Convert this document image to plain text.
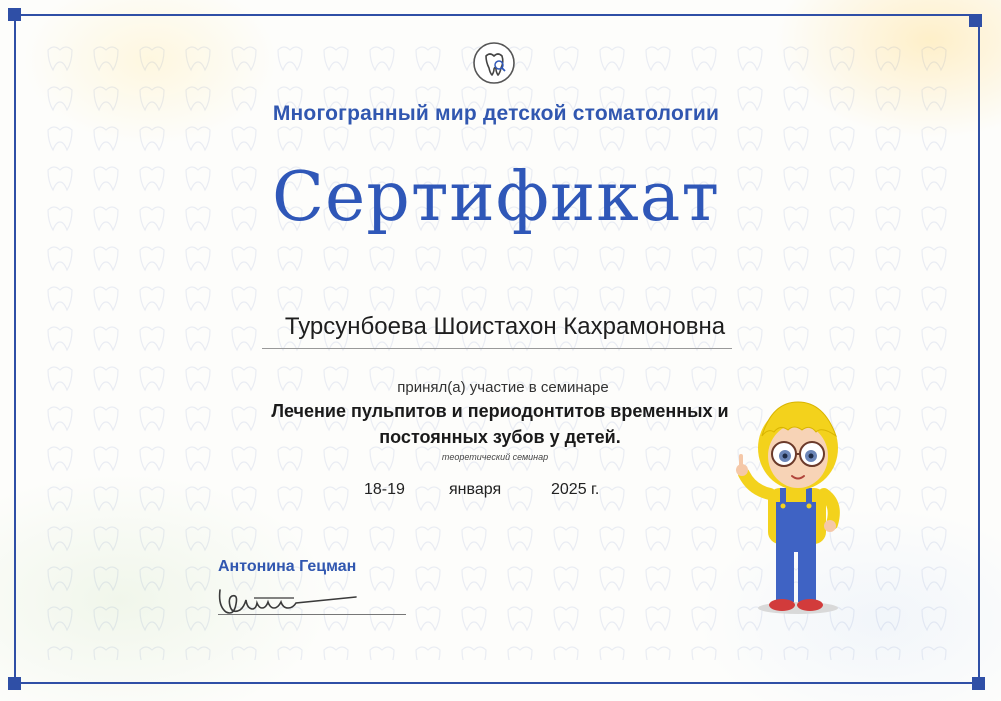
Многогранный мир детской стоматологии
Сертификат
Турсунбоева Шоистахон Кахрамоновна
принял(а) участие в семинаре
Лечение пульпитов и периодонтитов временных и
постоянных зубов у детей.
теоретический семинар
18-19	января	2025 г.
Антонина Гецман
